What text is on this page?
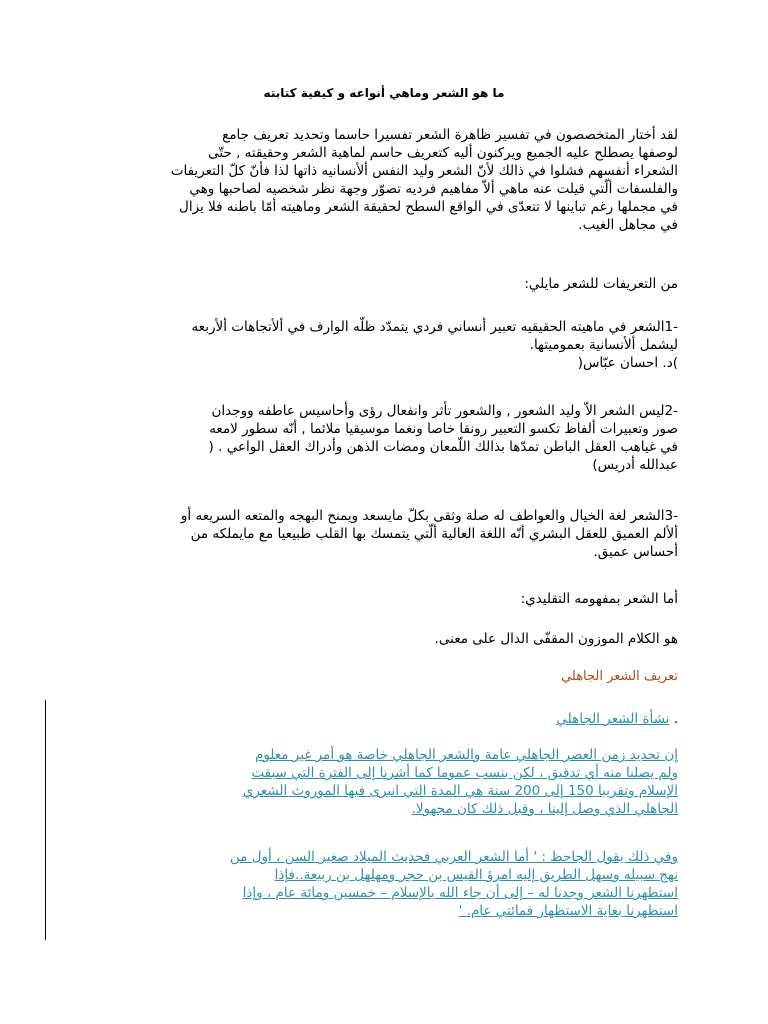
ما هو الشعر وماهي أنواعه و كيفية كتابته

لقد أختار المتخصصون في تفسير ظاهرة الشعر تفسيرا حاسما وتحديد تعريف جامع

لوصفها يصطلح عليه الجميع ويركنون أليه كتعريف حاسم لماهية الشعر وحقيقته , حتّى

الشعراء أنفسهم فشلوا في ذالك لأنّ الشعر وليد النفس ألأنسانيه ذاتها لذا فأنّ كلّ التعريفات

والفلسفات ألّتي قيلت عنه ماهي ألاّ مفاهيم فرديه تصوّر وجهة نظر شخصيه لصاحبها وهي

في مجملها رغم تباينها لا تتعدّى في الواقع السطح لحقيقة الشعر وماهيته أمّا باطنه فلا يزال

في مجاهل الغيب.

من التعريفات للشعر مايلي:

-1الشعر في ماهيته الحقيقيه تعبير أنساني فردي يتمدّد ظلّه الوارف في ألأتجاهات ألأربعه

ليشمل ألأنسانية بعموميتها.

)د. احسان عبّاس(

-2ليس الشعر الاّ وليد الشعور , والشعور تأثر وانفعال رؤى وأحاسيس عاطفه ووجدان

صور وتعبيرات ألفاظ تكسو التعبير رونقا خاصا ونغما موسيقيا ملائما , أنّه سطور لامعه

في غياهب العقل الباطن تمدّها بذالك اللّمعان ومضات الذهن وأدراك العقل الواعي . (

عبدالله أدريس)

-3الشعر لغة الخيال والعواطف له صلة وثقى بكلّ مايسعد ويمنح البهجه والمتعه السريعه أو

ألألم العميق للعقل البشري أنّه اللغة العالية ألّتي يتمسك بها القلب طبيعيا مع مايملكه من

أحساس عميق.

أما الشعر بمفهومه التقليدي:

هو الكلام الموزون المقفّى الدال على معنى.

تعريف الشعر الجاهلي

. نشأة الشعر الجاهلي

إن تحديد زمن العصر الجاهلي عامة والشعر الجاهلي خاصة هو أمر غير معلوم

ولم يصلنا منه أي تدقيق ، لكن بنسب عموما كما أشرنا إلى الفترة التي سبقت

الإسلام وتقريبا 150 إلى 200 سنة هي المدة التي انبرى فيها الموروث الشعري

الجاهلي الذي وصل إلينا ، وقبل ذلك كان مجهولا.

وفي ذلك يقول الجاحظ : ' أما الشعر العربي فحديث الميلاد صغير السن ، أول من

نهج سبيله وسهل الطريق إليه امرؤ القيس بن حجر ومهلهل بن ربيعة..فإذا

استظهرنا الشعر وجدنا له – إلى أن جاء الله بالإسلام – خمسين ومائة عام ، وإذا

استظهرنا بغاية الاستظهار فمائتي عام. '
